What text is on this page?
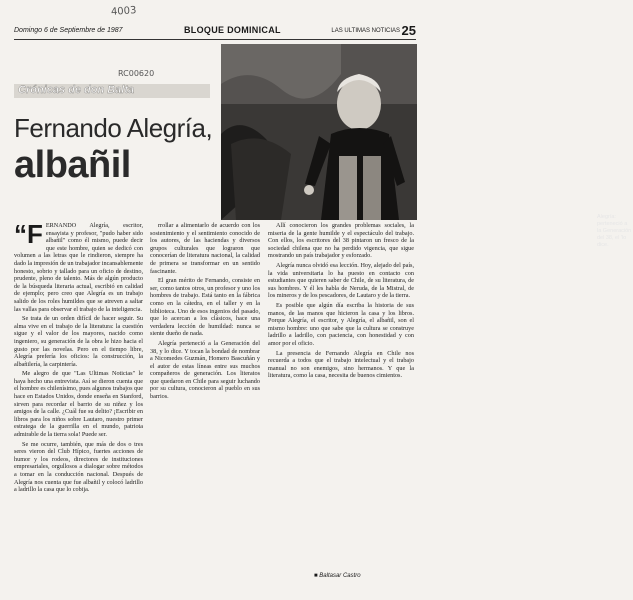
4003
Domingo 6 de Septiembre de 1987	BLOQUE DOMINICAL	LAS ULTIMAS NOTICIAS 25
RC00620
Crónicas de don Balta
Fernando Alegría,
albañil
Alegría: perteneció a la Generación del 38, el 'lo dice.

“FERNANDO Alegría, escritor, ensayista y profesor, "pudo haber sido albañil" como él mismo, puede decir que este hombre, quien se dedicó con volumen a las letras que le rindieron, siempre ha dado la impresión de un trabajador incansablemente honesto, sobrio y tallado para un oficio de destino, prudente, pleno de talento. Más de algún producto de la búsqueda literaria actual, escribió en calidad de ejemplo; pero creo que Alegría es un trabajo salido de los roles humildes que se atreven a saltar las vallas para observar el trabajo de la inteligencia.

Se trata de un orden difícil de hacer seguir. Su alma vive en el trabajo de la literatura: la cuestión sigue y el valor de los mayores, nacido como ingeniero, su generación de la obra le hizo hacia el gusto por las novelas. Pero en el tiempo libre, Alegría prefería los oficios: la construcción, la albañilería, la carpintería.

Me alegro de que "Las Ultimas Noticias" le haya hecho una entrevista. Así se dieron cuenta que el hombre es chilenísimo, pues algunos trabajos que hace en Estados Unidos, donde enseña en Stanford, sirven para recordar el barrio de su niñez y los amigos de la calle. ¿Cuál fue su delito? ¡Escribir en libros para los niños sobre Lautaro, nuestro primer estratega de la guerrilla en el mundo, patriota admirable de la tierra sola! Puede ser.

Se me ocurre, también, que más de dos o tres seres vieron del Club Hípico, fuertes acciones de humor y los rodeos, directores de instituciones empresariales, orgullosos a dialogar sobre métodos a tomar en la conducción nacional. Después de Alegría nos cuenta que fue albañil y colocó ladrillo a ladrillo la casa que lo cobija.

rrollar a alimentarlo de acuerdo con los sostenimiento y el sentimiento conocido de los autores, de las haciendas y diversos grupos culturales que lograron que conocerían de literatura nacional, la calidad de primera se transformar en un sentido fascinante.

El gran mérito de Fernando, consiste en ser, como tantos otros, un profesor y uno los hombres de trabajo. Está tanto en la fábrica como en la cátedra, en el taller y en la biblioteca. Uno de esos ingenios del pasado, que lo acercan a los clásicos, hace una verdadera lección de humildad: nunca se siente dueño de nada.

Alegría perteneció a la Generación del 38, y lo dice. Y tocan la bondad de nombrar a Nicomedes Guzmán, Homero Bascuñán y el autor de estas líneas entre sus muchos compañeros de generación. Los literatos que quedaron en Chile para seguir luchando por su cultura, conocieron al pueblo en sus barrios.

Allí conocieron los grandes problemas sociales, la miseria de la gente humilde y el espectáculo del trabajo. Con ellos, los escritores del 38 pintaron un fresco de la sociedad chilena que no ha perdido vigencia, que sigue mostrando un país trabajador y esforzado.

Alegría nunca olvidó esa lección. Hoy, alejado del país, la vida universitaria lo ha puesto en contacto con estudiantes que quieren saber de Chile, de su literatura, de sus hombres. Y él les habla de Neruda, de la Mistral, de los mineros y de los pescadores, de Lautaro y de la tierra.

Es posible que algún día escriba la historia de sus manos, de las manos que hicieron la casa y los libros. Porque Alegría, el escritor, y Alegría, el albañil, son el mismo hombre: uno que sabe que la cultura se construye ladrillo a ladrillo, con paciencia, con honestidad y con amor por el oficio.

La presencia de Fernando Alegría en Chile nos recuerda a todos que el trabajo intelectual y el trabajo manual no son enemigos, sino hermanos. Y que la literatura, como la casa, necesita de buenos cimientos.

■ Baltasar Castro
